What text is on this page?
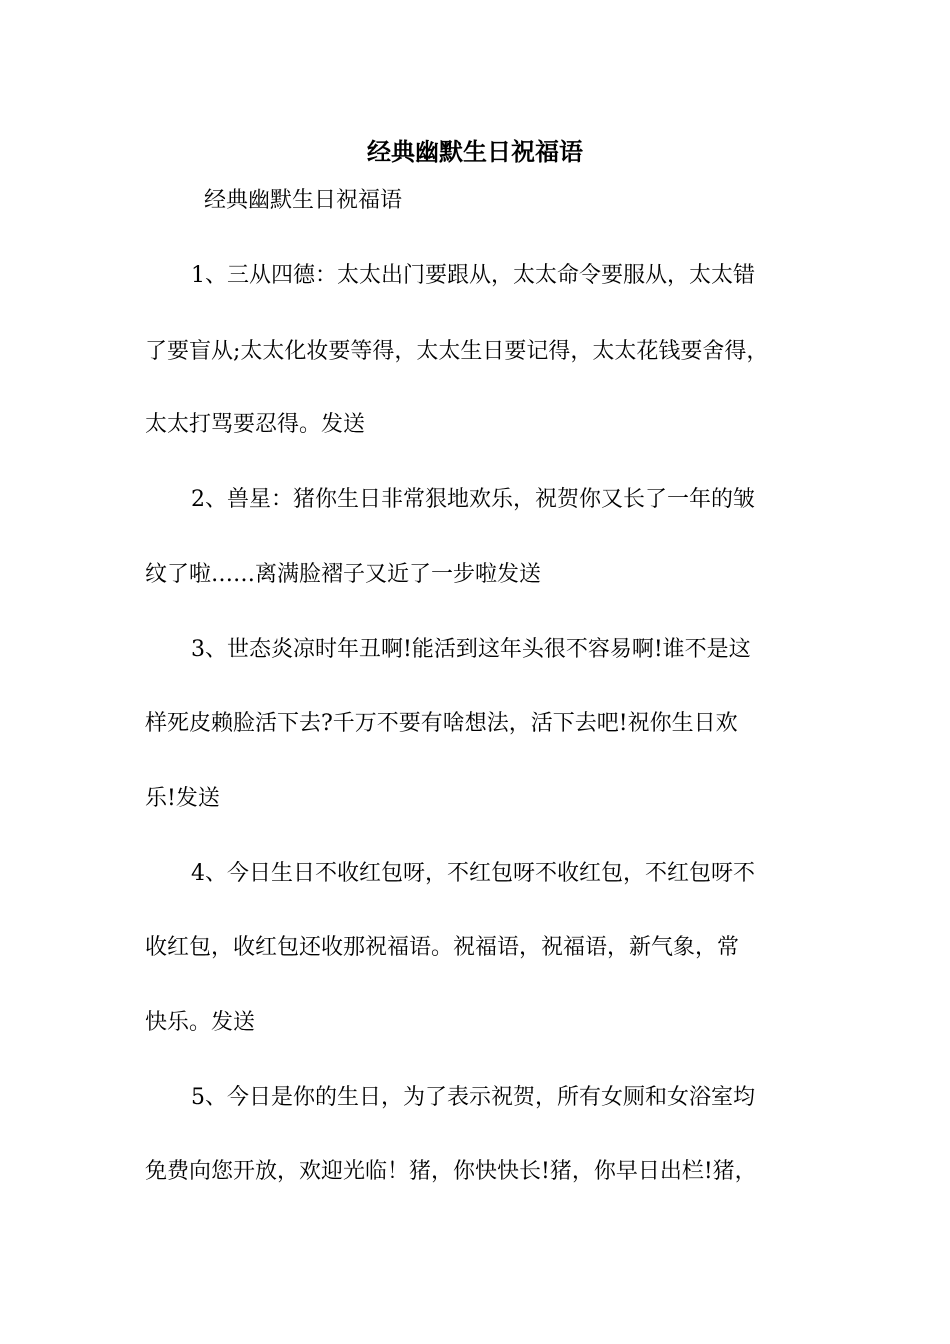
经典幽默生日祝福语
经典幽默生日祝福语
1、三从四德：太太出门要跟从，太太命令要服从，太太错
了要盲从;太太化妆要等得，太太生日要记得，太太花钱要舍得，
太太打骂要忍得。发送
2、兽星：猪你生日非常狠地欢乐，祝贺你又长了一年的皱
纹了啦……离满脸褶子又近了一步啦发送
3、世态炎凉时年丑啊!能活到这年头很不容易啊!谁不是这
样死皮赖脸活下去?千万不要有啥想法，活下去吧!祝你生日欢
乐!发送
4、今日生日不收红包呀，不红包呀不收红包，不红包呀不
收红包，收红包还收那祝福语。祝福语，祝福语，新气象，常
快乐。发送
5、今日是你的生日，为了表示祝贺，所有女厕和女浴室均
免费向您开放，欢迎光临！猪，你快快长!猪，你早日出栏!猪，
